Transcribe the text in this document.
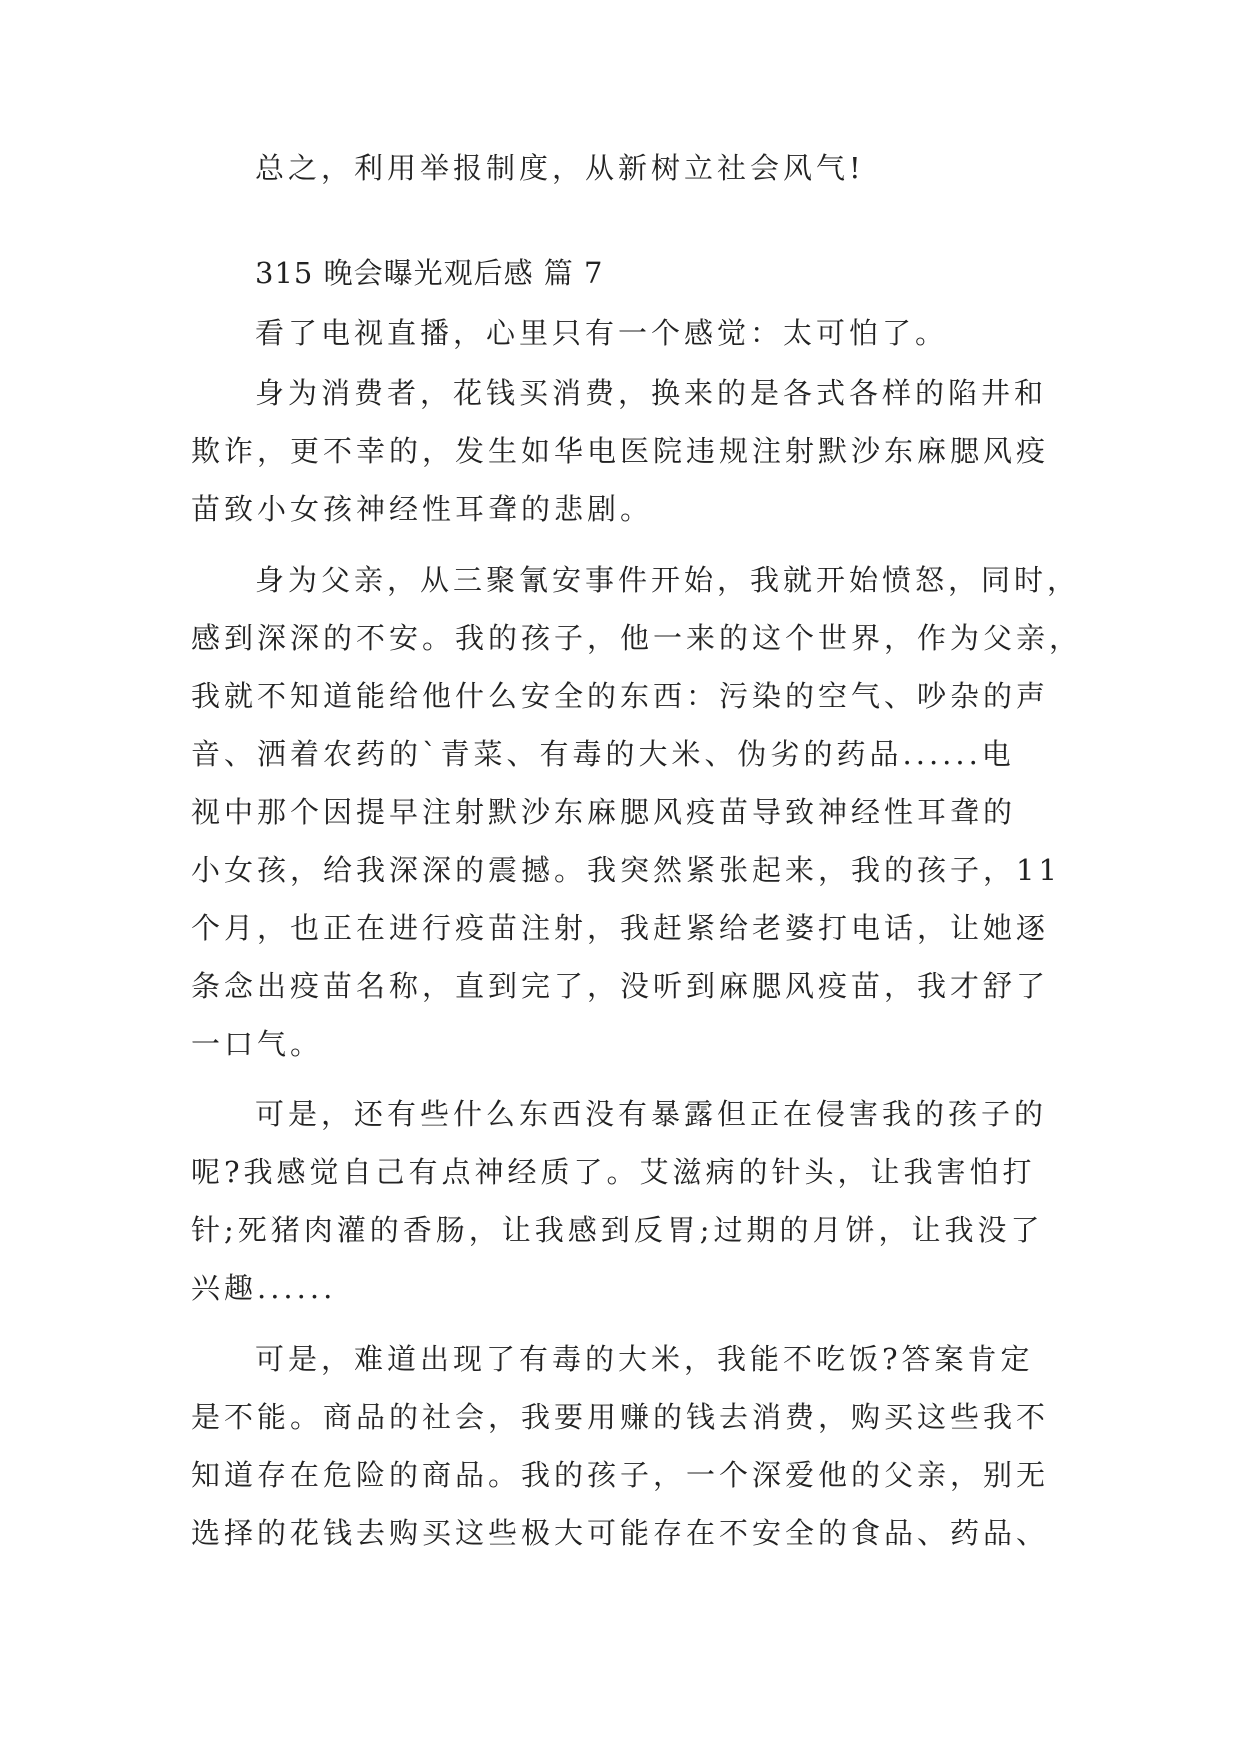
总之，利用举报制度，从新树立社会风气!

315 晚会曝光观后感 篇 7

看了电视直播，心里只有一个感觉：太可怕了。

身为消费者，花钱买消费，换来的是各式各样的陷井和

欺诈，更不幸的，发生如华电医院违规注射默沙东麻腮风疫

苗致小女孩神经性耳聋的悲剧。

身为父亲，从三聚氰安事件开始，我就开始愤怒，同时，

感到深深的不安。我的孩子，他一来的这个世界，作为父亲，

我就不知道能给他什么安全的东西：污染的空气、吵杂的声

音、洒着农药的`青菜、有毒的大米、伪劣的药品......电

视中那个因提早注射默沙东麻腮风疫苗导致神经性耳聋的

小女孩，给我深深的震撼。我突然紧张起来，我的孩子，11

个月，也正在进行疫苗注射，我赶紧给老婆打电话，让她逐

条念出疫苗名称，直到完了，没听到麻腮风疫苗，我才舒了

一口气。

可是，还有些什么东西没有暴露但正在侵害我的孩子的

呢?我感觉自己有点神经质了。艾滋病的针头，让我害怕打

针;死猪肉灌的香肠，让我感到反胃;过期的月饼，让我没了

兴趣......

可是，难道出现了有毒的大米，我能不吃饭?答案肯定

是不能。商品的社会，我要用赚的钱去消费，购买这些我不

知道存在危险的商品。我的孩子，一个深爱他的父亲，别无

选择的花钱去购买这些极大可能存在不安全的食品、药品、
